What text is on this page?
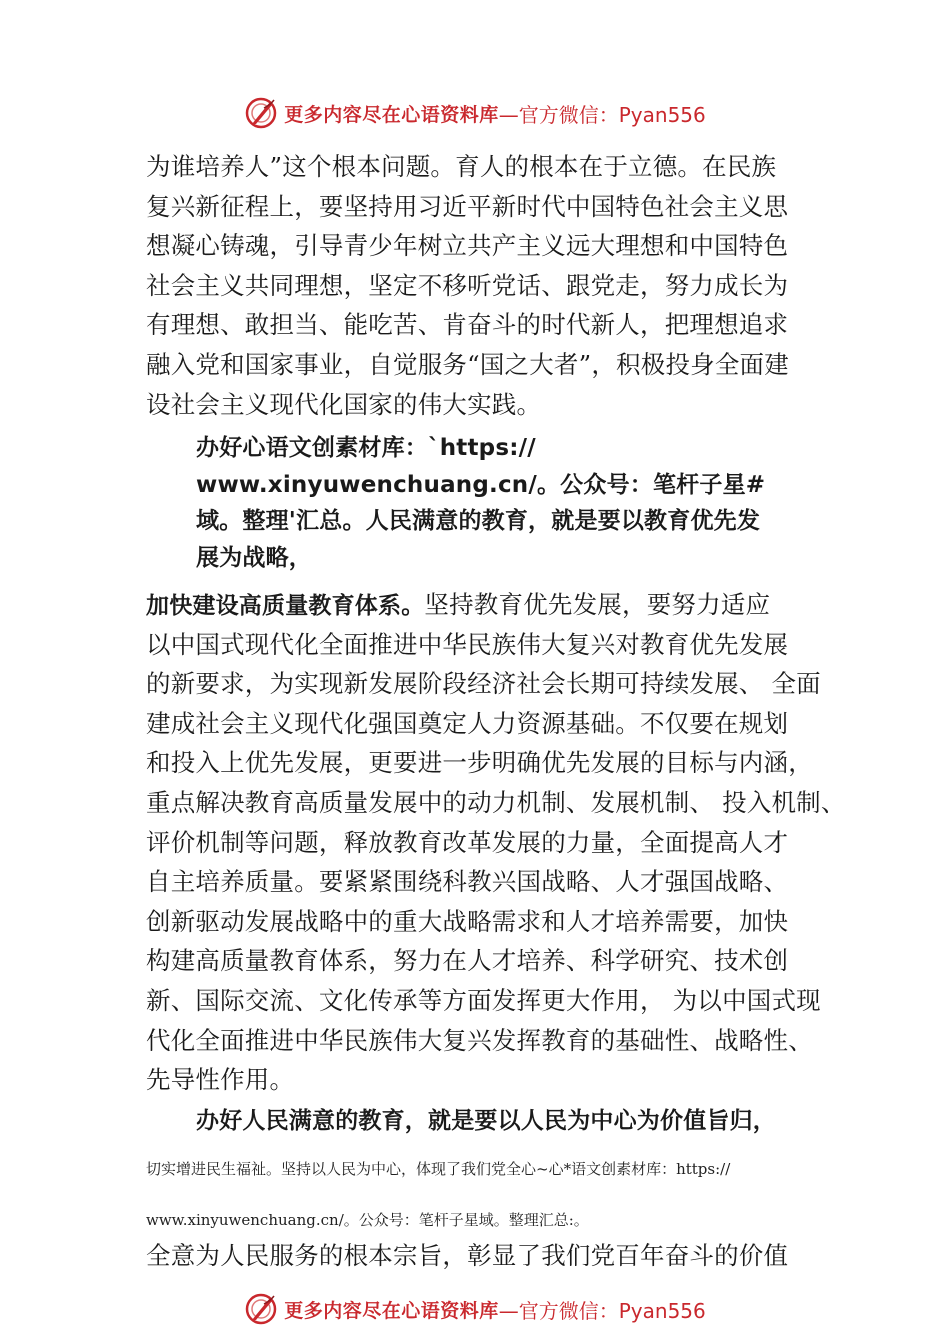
更多内容尽在心语资料库 —官方微信：Pyan556
为谁培养人”这个根本问题。育人的根本在于立德。在民族
复兴新征程上，要坚持用习近平新时代中国特色社会主义思
想凝心铸魂，引导青少年树立共产主义远大理想和中国特色
社会主义共同理想，坚定不移听党话、跟党走，努力成长为
有理想、敢担当、能吃苦、肯奋斗的时代新人，把理想追求
融入党和国家事业，自觉服务“国之大者”，积极投身全面建
设社会主义现代化国家的伟大实践。
办好心语文创素材库：`https://
www.xinyuwenchuang.cn/。公众号：笔杆子星#
域。整理'汇总。人民满意的教育，就是要以教育优先发
展为战略，
加快建设高质量教育体系。坚持教育优先发展，要努力适应
以中国式现代化全面推进中华民族伟大复兴对教育优先发展
的新要求，为实现新发展阶段经济社会长期可持续发展、 全面
建成社会主义现代化强国奠定人力资源基础。不仅要在规划
和投入上优先发展，更要进一步明确优先发展的目标与内涵，
重点解决教育高质量发展中的动力机制、发展机制、 投入机制、
评价机制等问题，释放教育改革发展的力量，全面提高人才
自主培养质量。要紧紧围绕科教兴国战略、人才强国战略、
创新驱动发展战略中的重大战略需求和人才培养需要，加快
构建高质量教育体系，努力在人才培养、科学研究、技术创
新、国际交流、文化传承等方面发挥更大作用， 为以中国式现
代化全面推进中华民族伟大复兴发挥教育的基础性、战略性、
先导性作用。
办好人民满意的教育，就是要以人民为中心为价值旨归，
切实增进民生福祉。坚持以人民为中心，体现了我们党全心~心*语文创素材库：https://
www.xinyuwenchuang.cn/。公众号：笔杆子星域。整理汇总:。
全意为人民服务的根本宗旨，彰显了我们党百年奋斗的价值
更多内容尽在心语资料库 —官方微信：Pyan556
